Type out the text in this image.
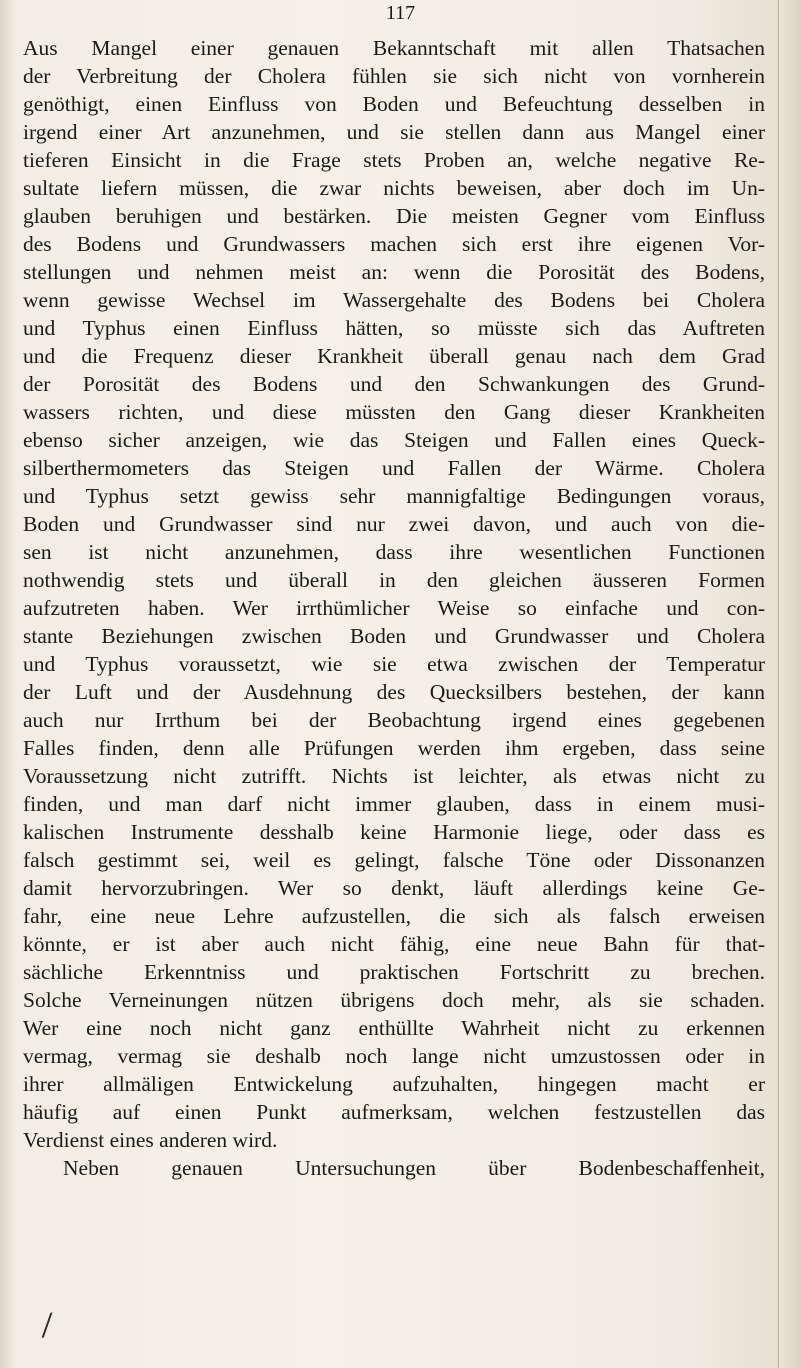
117
Aus Mangel einer genauen Bekanntschaft mit allen Thatsachen
der Verbreitung der Cholera fühlen sie sich nicht von vornherein
genöthigt, einen Einfluss von Boden und Befeuchtung desselben in
irgend einer Art anzunehmen, und sie stellen dann aus Mangel einer
tieferen Einsicht in die Frage stets Proben an, welche negative Re-
sultate liefern müssen, die zwar nichts beweisen, aber doch im Un-
glauben beruhigen und bestärken. Die meisten Gegner vom Einfluss
des Bodens und Grundwassers machen sich erst ihre eigenen Vor-
stellungen und nehmen meist an: wenn die Porosität des Bodens,
wenn gewisse Wechsel im Wassergehalte des Bodens bei Cholera
und Typhus einen Einfluss hätten, so müsste sich das Auftreten
und die Frequenz dieser Krankheit überall genau nach dem Grad
der Porosität des Bodens und den Schwankungen des Grund-
wassers richten, und diese müssten den Gang dieser Krankheiten
ebenso sicher anzeigen, wie das Steigen und Fallen eines Queck-
silberthermometers das Steigen und Fallen der Wärme. Cholera
und Typhus setzt gewiss sehr mannigfaltige Bedingungen voraus,
Boden und Grundwasser sind nur zwei davon, und auch von die-
sen ist nicht anzunehmen, dass ihre wesentlichen Functionen
nothwendig stets und überall in den gleichen äusseren Formen
aufzutreten haben. Wer irrthümlicher Weise so einfache und con-
stante Beziehungen zwischen Boden und Grundwasser und Cholera
und Typhus voraussetzt, wie sie etwa zwischen der Temperatur
der Luft und der Ausdehnung des Quecksilbers bestehen, der kann
auch nur Irrthum bei der Beobachtung irgend eines gegebenen
Falles finden, denn alle Prüfungen werden ihm ergeben, dass seine
Voraussetzung nicht zutrifft. Nichts ist leichter, als etwas nicht zu
finden, und man darf nicht immer glauben, dass in einem musi-
kalischen Instrumente desshalb keine Harmonie liege, oder dass es
falsch gestimmt sei, weil es gelingt, falsche Töne oder Dissonanzen
damit hervorzubringen. Wer so denkt, läuft allerdings keine Ge-
fahr, eine neue Lehre aufzustellen, die sich als falsch erweisen
könnte, er ist aber auch nicht fähig, eine neue Bahn für that-
sächliche Erkenntniss und praktischen Fortschritt zu brechen.
Solche Verneinungen nützen übrigens doch mehr, als sie schaden.
Wer eine noch nicht ganz enthüllte Wahrheit nicht zu erkennen
vermag, vermag sie deshalb noch lange nicht umzustossen oder in
ihrer allmäligen Entwickelung aufzuhalten, hingegen macht er
häufig auf einen Punkt aufmerksam, welchen festzustellen das
Verdienst eines anderen wird.
Neben genauen Untersuchungen über Bodenbeschaffenheit,
⁄
